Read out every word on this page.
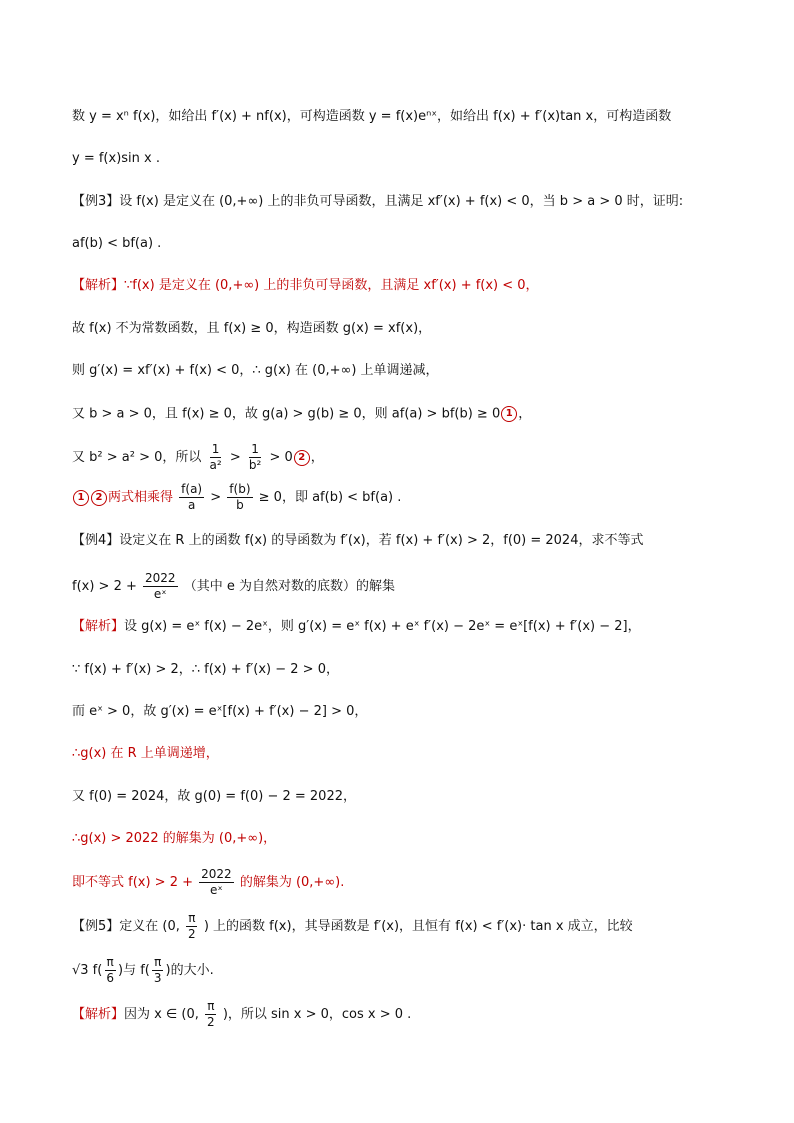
数 y = xⁿ f(x)，如给出 f′(x) + nf(x)，可构造函数 y = f(x)eⁿˣ，如给出 f(x) + f′(x)tan x，可构造函数
y = f(x)sin x .
【例3】设 f(x) 是定义在 (0,+∞) 上的非负可导函数，且满足 xf′(x) + f(x) < 0，当 b > a > 0 时，证明:
af(b) < bf(a) .
【解析】∵f(x) 是定义在 (0,+∞) 上的非负可导函数，且满足 xf′(x) + f(x) < 0，
故 f(x) 不为常数函数，且 f(x) ≥ 0，构造函数 g(x) = xf(x)，
则 g′(x) = xf′(x) + f(x) < 0，∴ g(x) 在 (0,+∞) 上单调递减，
又 b > a > 0，且 f(x) ≥ 0，故 g(a) > g(b) ≥ 0，则 af(a) > bf(b) ≥ 0 1 ，
又 b² > a² > 0，所以 $\frac{1}{\text{a²}} > \frac{1}{\text{b²}} > 0$ 2 ，
1 2 两式相乘得 $\frac{f(a)}{a} > \frac{f(b)}{b} \ge 0$，即 af(b) < bf(a) .
【例4】设定义在 R 上的函数 f(x) 的导函数为 f′(x)，若 f(x) + f′(x) > 2，f(0) = 2024，求不等式
$f(x) > 2 + \frac{2022}{\text{eˣ}}$ （其中 e 为自然对数的底数）的解集
【解析】设 g(x) = eˣ f(x) − 2eˣ，则 g′(x) = eˣ f(x) + eˣ f′(x) − 2eˣ = eˣ[f(x) + f′(x) − 2]，
∵ f(x) + f′(x) > 2，∴ f(x) + f′(x) − 2 > 0，
而 eˣ > 0，故 g′(x) = eˣ[f(x) + f′(x) − 2] > 0，
∴g(x) 在 R 上单调递增，
又 f(0) = 2024，故 g(0) = f(0) − 2 = 2022，
∴g(x) > 2022 的解集为 (0,+∞)，
即不等式 $f(x) > 2 + \frac{2022}{\text{eˣ}}$ 的解集为 (0,+∞).
【例5】定义在 (0, $\frac{\pi}{2}$ ) 上的函数 f(x)，其导函数是 f′(x)，且恒有 f(x) < f′(x)· tan x 成立，比较
√3 $f( \frac{\pi}{6}$ )与 $f( \frac{\pi}{3}$ )的大小.
【解析】因为 x ∈ (0, $\frac{\pi}{2}$ )，所以 sin x > 0，cos x > 0 .
